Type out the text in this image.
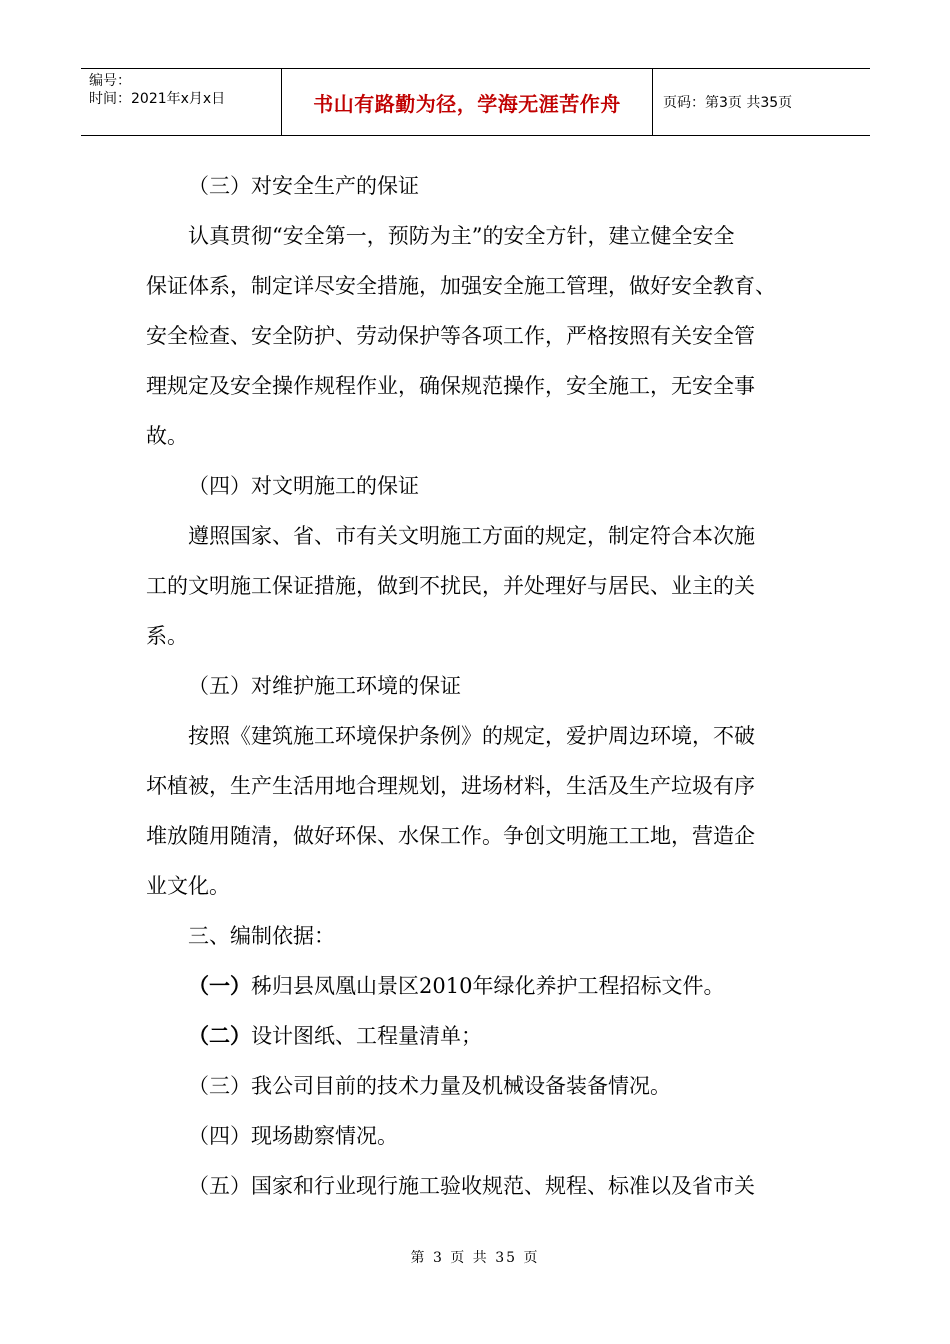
编号：
时间：2021年x月x日	书山有路勤为径，学海无涯苦作舟	页码：第3页 共35页

（三）对安全生产的保证

认真贯彻“安全第一，预防为主”的安全方针，建立健全安全

保证体系，制定详尽安全措施，加强安全施工管理，做好安全教育、

安全检查、安全防护、劳动保护等各项工作，严格按照有关安全管

理规定及安全操作规程作业，确保规范操作，安全施工，无安全事

故。

（四）对文明施工的保证

遵照国家、省、市有关文明施工方面的规定，制定符合本次施

工的文明施工保证措施，做到不扰民，并处理好与居民、业主的关

系。

（五）对维护施工环境的保证

按照《建筑施工环境保护条例》的规定，爱护周边环境，不破

坏植被，生产生活用地合理规划，进场材料，生活及生产垃圾有序

堆放随用随清，做好环保、水保工作。争创文明施工工地，营造企

业文化。

三、编制依据：

（一）秭归县凤凰山景区2010年绿化养护工程招标文件。

（二）设计图纸、工程量清单；

（三）我公司目前的技术力量及机械设备装备情况。

（四）现场勘察情况。

（五）国家和行业现行施工验收规范、规程、标准以及省市关

第 3 页 共 35 页
